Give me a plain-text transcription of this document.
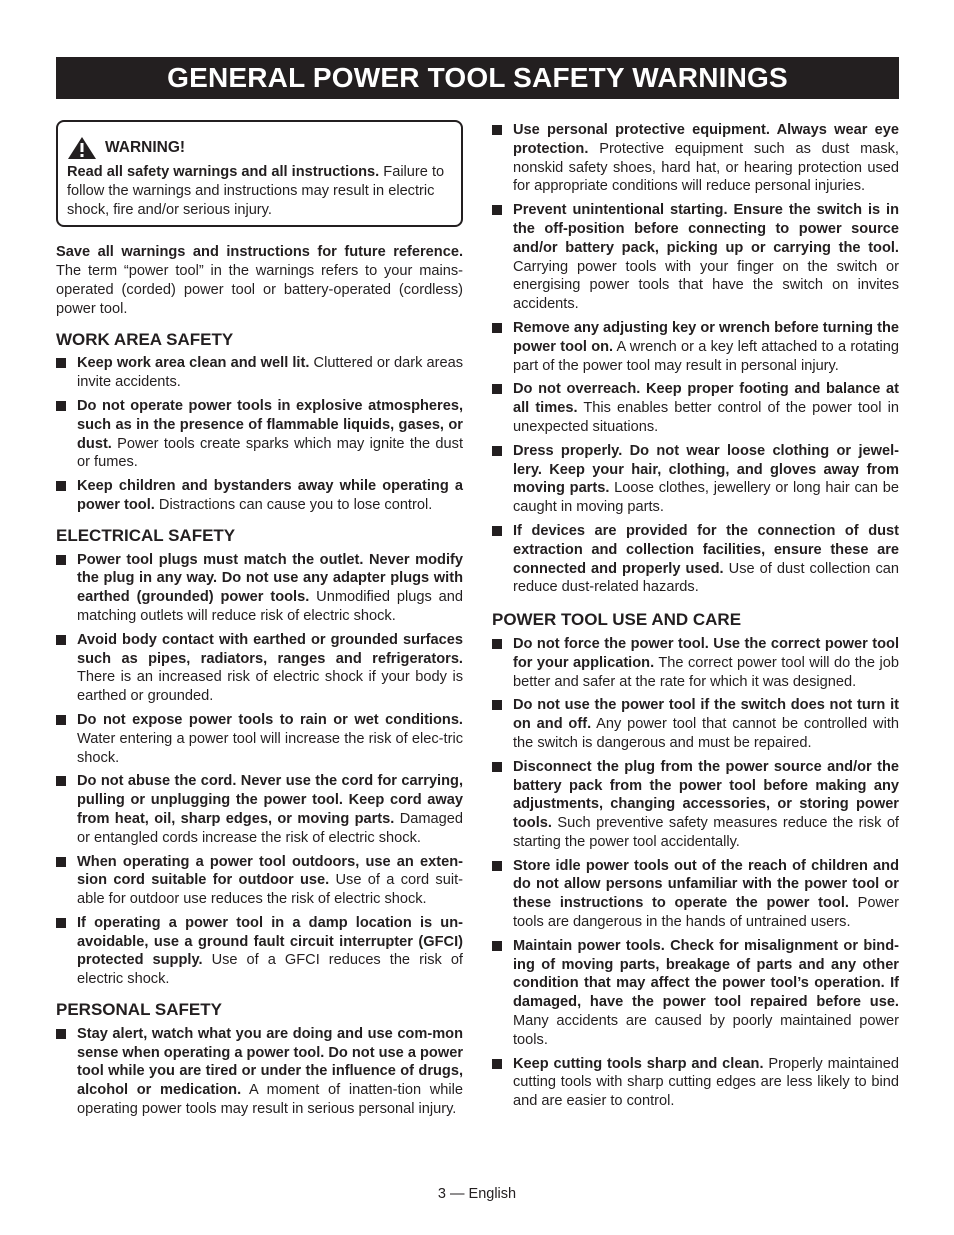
GENERAL POWER TOOL SAFETY WARNINGS
WARNING!
Read all safety warnings and all instructions. Failure to follow the warnings and instructions may result in electric shock, fire and/or serious injury.

Save all warnings and instructions for future reference. The term “power tool” in the warnings refers to your mains-operated (corded) power tool or battery-operated (cordless) power tool.

WORK AREA SAFETY
Keep work area clean and well lit. Cluttered or dark areas invite accidents.
Do not operate power tools in explosive atmospheres, such as in the presence of flammable liquids, gases, or dust. Power tools create sparks which may ignite the dust or fumes.
Keep children and bystanders away while operating a power tool. Distractions can cause you to lose control.
ELECTRICAL SAFETY
Power tool plugs must match the outlet. Never modify the plug in any way. Do not use any adapter plugs with earthed (grounded) power tools. Unmodified plugs and matching outlets will reduce risk of electric shock.
Avoid body contact with earthed or grounded surfaces such as pipes, radiators, ranges and refrigerators. There is an increased risk of electric shock if your body is earthed or grounded.
Do not expose power tools to rain or wet conditions. Water entering a power tool will increase the risk of elec-tric shock.
Do not abuse the cord. Never use the cord for carrying, pulling or unplugging the power tool. Keep cord away from heat, oil, sharp edges, or moving parts. Damaged or entangled cords increase the risk of electric shock.
When operating a power tool outdoors, use an exten-sion cord suitable for outdoor use. Use of a cord suit-able for outdoor use reduces the risk of electric shock.
If operating a power tool in a damp location is un-avoidable, use a ground fault circuit interrupter (GFCI) protected supply. Use of a GFCI reduces the risk of electric shock.
PERSONAL SAFETY
Stay alert, watch what you are doing and use com-mon sense when operating a power tool. Do not use a power tool while you are tired or under the influence of drugs, alcohol or medication. A moment of inatten-tion while operating power tools may result in serious personal injury.
Use personal protective equipment. Always wear eye protection. Protective equipment such as dust mask, nonskid safety shoes, hard hat, or hearing protection used for appropriate conditions will reduce personal injuries.
Prevent unintentional starting. Ensure the switch is in the off-position before connecting to power source and/or battery pack, picking up or carrying the tool. Carrying power tools with your finger on the switch or energising power tools that have the switch on invites accidents.
Remove any adjusting key or wrench before turning the power tool on. A wrench or a key left attached to a rotating part of the power tool may result in personal injury.
Do not overreach. Keep proper footing and balance at all times. This enables better control of the power tool in unexpected situations.
Dress properly. Do not wear loose clothing or jewel-lery. Keep your hair, clothing, and gloves away from moving parts. Loose clothes, jewellery or long hair can be caught in moving parts.
If devices are provided for the connection of dust extraction and collection facilities, ensure these are connected and properly used. Use of dust collection can reduce dust-related hazards.
POWER TOOL USE AND CARE
Do not force the power tool. Use the correct power tool for your application. The correct power tool will do the job better and safer at the rate for which it was designed.
Do not use the power tool if the switch does not turn it on and off. Any power tool that cannot be controlled with the switch is dangerous and must be repaired.
Disconnect the plug from the power source and/or the battery pack from the power tool before making any adjustments, changing accessories, or storing power tools. Such preventive safety measures reduce the risk of starting the power tool accidentally.
Store idle power tools out of the reach of children and do not allow persons unfamiliar with the power tool or these instructions to operate the power tool. Power tools are dangerous in the hands of untrained users.
Maintain power tools. Check for misalignment or bind-ing of moving parts, breakage of parts and any other condition that may affect the power tool’s operation. If damaged, have the power tool repaired before use. Many accidents are caused by poorly maintained power tools.
Keep cutting tools sharp and clean. Properly maintained cutting tools with sharp cutting edges are less likely to bind and are easier to control.
3 — English
